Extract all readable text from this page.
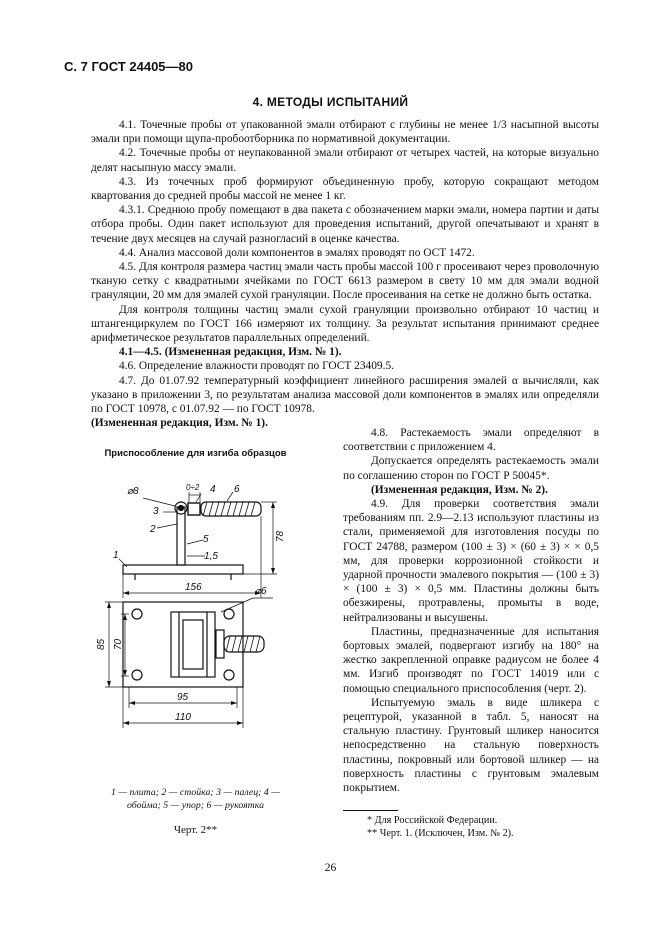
С. 7 ГОСТ 24405—80
4. МЕТОДЫ ИСПЫТАНИЙ

4.1. Точечные пробы от упакованной эмали отбирают с глубины не менее 1/3 насыпной высоты эмали при помощи щупа-пробоотборника по нормативной документации.

4.2. Точечные пробы от неупакованной эмали отбирают от четырех частей, на которые визуально делят насыпную массу эмали.

4.3. Из точечных проб формируют объединенную пробу, которую сокращают методом квартования до средней пробы массой не менее 1 кг.

4.3.1. Среднюю пробу помещают в два пакета с обозначением марки эмали, номера партии и даты отбора пробы. Один пакет используют для проведения испытаний, другой опечатывают и хранят в течение двух месяцев на случай разногласий в оценке качества.

4.4. Анализ массовой доли компонентов в эмалях проводят по ОСТ 1472.

4.5. Для контроля размера частиц эмали часть пробы массой 100 г просеивают через проволочную тканую сетку с квадратными ячейками по ГОСТ 6613 размером в свету 10 мм для эмали водной грануляции, 20 мм для эмалей сухой грануляции. После просеивания на сетке не должно быть остатка.

Для контроля толщины частиц эмали сухой грануляции произвольно отбирают 10 частиц и штангенциркулем по ГОСТ 166 измеряют их толщину. За результат испытания принимают среднее арифметическое результатов параллельных определений.

4.1—4.5. (Измененная редакция, Изм. № 1).

4.6. Определение влажности проводят по ГОСТ 23409.5.

4.7. До 01.07.92 температурный коэффициент линейного расширения эмалей α вычисляли, как указано в приложении 3, по результатам анализа массовой доли компонентов в эмалях или определяли по ГОСТ 10978, с 01.07.92 — по ГОСТ 10978.

(Измененная редакция, Изм. № 1).

Приспособление для изгиба образцов
⌀8	0÷2 4 6
3
2
5
1,5
1
78
156	⌀6
85 70
95
110
1 — плита; 2 — стойка; 3 — палец; 4 — обойма; 5 — упор; 6 — рукоятка
Черт. 2**

4.8. Растекаемость эмали определяют в соответствии с приложением 4.

Допускается определять растекаемость эмали по соглашению сторон по ГОСТ Р 50045*.

(Измененная редакция, Изм. № 2).

4.9. Для проверки соответствия эмали требованиям пп. 2.9—2.13 используют пластины из стали, применяемой для изготовления посуды по ГОСТ 24788, размером (100 ± 3) × (60 ± 3) × × 0,5 мм, для проверки коррозионной стойкости и ударной прочности эмалевого покрытия — (100 ± 3) × (100 ± 3) × 0,5 мм. Пластины должны быть обезжирены, протравлены, промыты в воде, нейтрализованы и высушены.

Пластины, предназначенные для испытания бортовых эмалей, подвергают изгибу на 180° на жестко закрепленной оправке радиусом не более 4 мм. Изгиб производят по ГОСТ 14019 или с помощью специального приспособления (черт. 2).

Испытуемую эмаль в виде шликера с рецептурой, указанной в табл. 5, наносят на стальную пластину. Грунтовый шликер наносится непосредственно на стальную поверхность пластины, покровный или бортовой шликер — на поверхность пластины с грунтовым эмалевым покрытием.

* Для Российской Федерации.
** Черт. 1. (Исключен, Изм. № 2).
26
